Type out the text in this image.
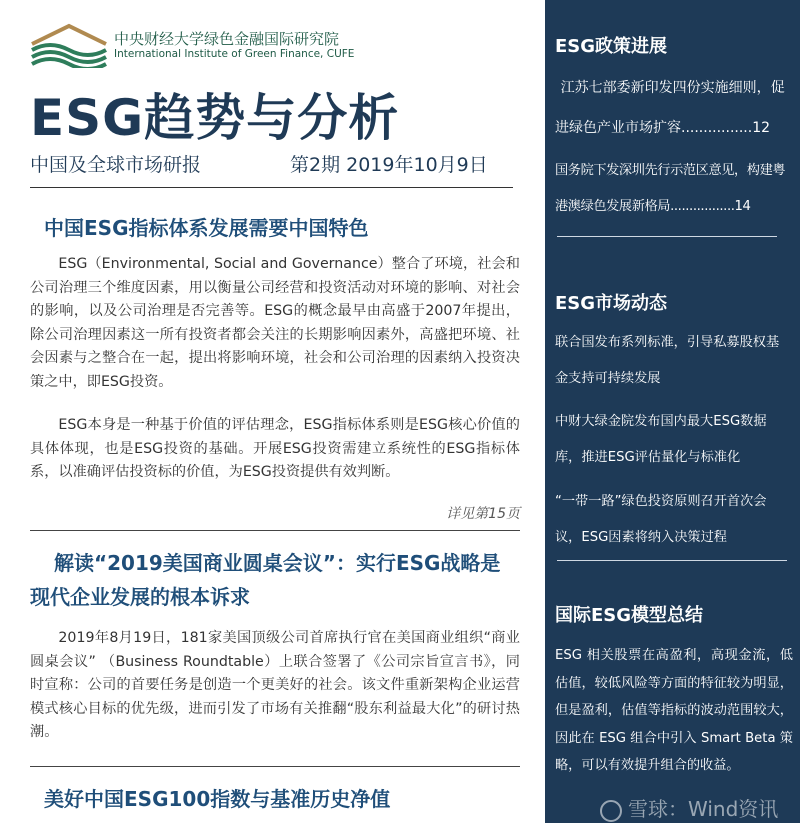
中央财经大学绿色金融国际研究院
International Institute of Green Finance, CUFE
ESG趋势与分析
中国及全球市场研报	第2期 2019年10月9日
中国ESG指标体系发展需要中国特色
ESG（Environmental, Social and Governance）整合了环境，社会和公司治理三个维度因素，用以衡量公司经营和投资活动对环境的影响、对社会的影响，以及公司治理是否完善等。ESG的概念最早由高盛于2007年提出，除公司治理因素这一所有投资者都会关注的长期影响因素外，高盛把环境、社会因素与之整合在一起，提出将影响环境，社会和公司治理的因素纳入投资决策之中，即ESG投资。
ESG本身是一种基于价值的评估理念，ESG指标体系则是ESG核心价值的具体体现，也是ESG投资的基础。开展ESG投资需建立系统性的ESG指标体系，以准确评估投资标的价值，为ESG投资提供有效判断。
详见第15页
解读“2019美国商业圆桌会议”：实行ESG战略是现代企业发展的根本诉求
2019年8月19日，181家美国顶级公司首席执行官在美国商业组织“商业圆桌会议” （Business Roundtable）上联合签署了《公司宗旨宣言书》，同时宣称：公司的首要任务是创造一个更美好的社会。该文件重新架构企业运营模式核心目标的优先级，进而引发了市场有关推翻“股东利益最大化”的研讨热潮。
美好中国ESG100指数与基准历史净值
ESG政策进展
江苏七部委新印发四份实施细则，促进绿色产业市场扩容................12
国务院下发深圳先行示范区意见，构建粤港澳绿色发展新格局.................14
ESG市场动态
联合国发布系列标准，引导私募股权基金支持可持续发展
中财大绿金院发布国内最大ESG数据库，推进ESG评估量化与标准化
“一带一路”绿色投资原则召开首次会议，ESG因素将纳入决策过程
国际ESG模型总结
ESG 相关股票在高盈利，高现金流，低估值，较低风险等方面的特征较为明显，但是盈利，估值等指标的波动范围较大，因此在 ESG 组合中引入 Smart Beta 策略，可以有效提升组合的收益。
雪球：Wind资讯
